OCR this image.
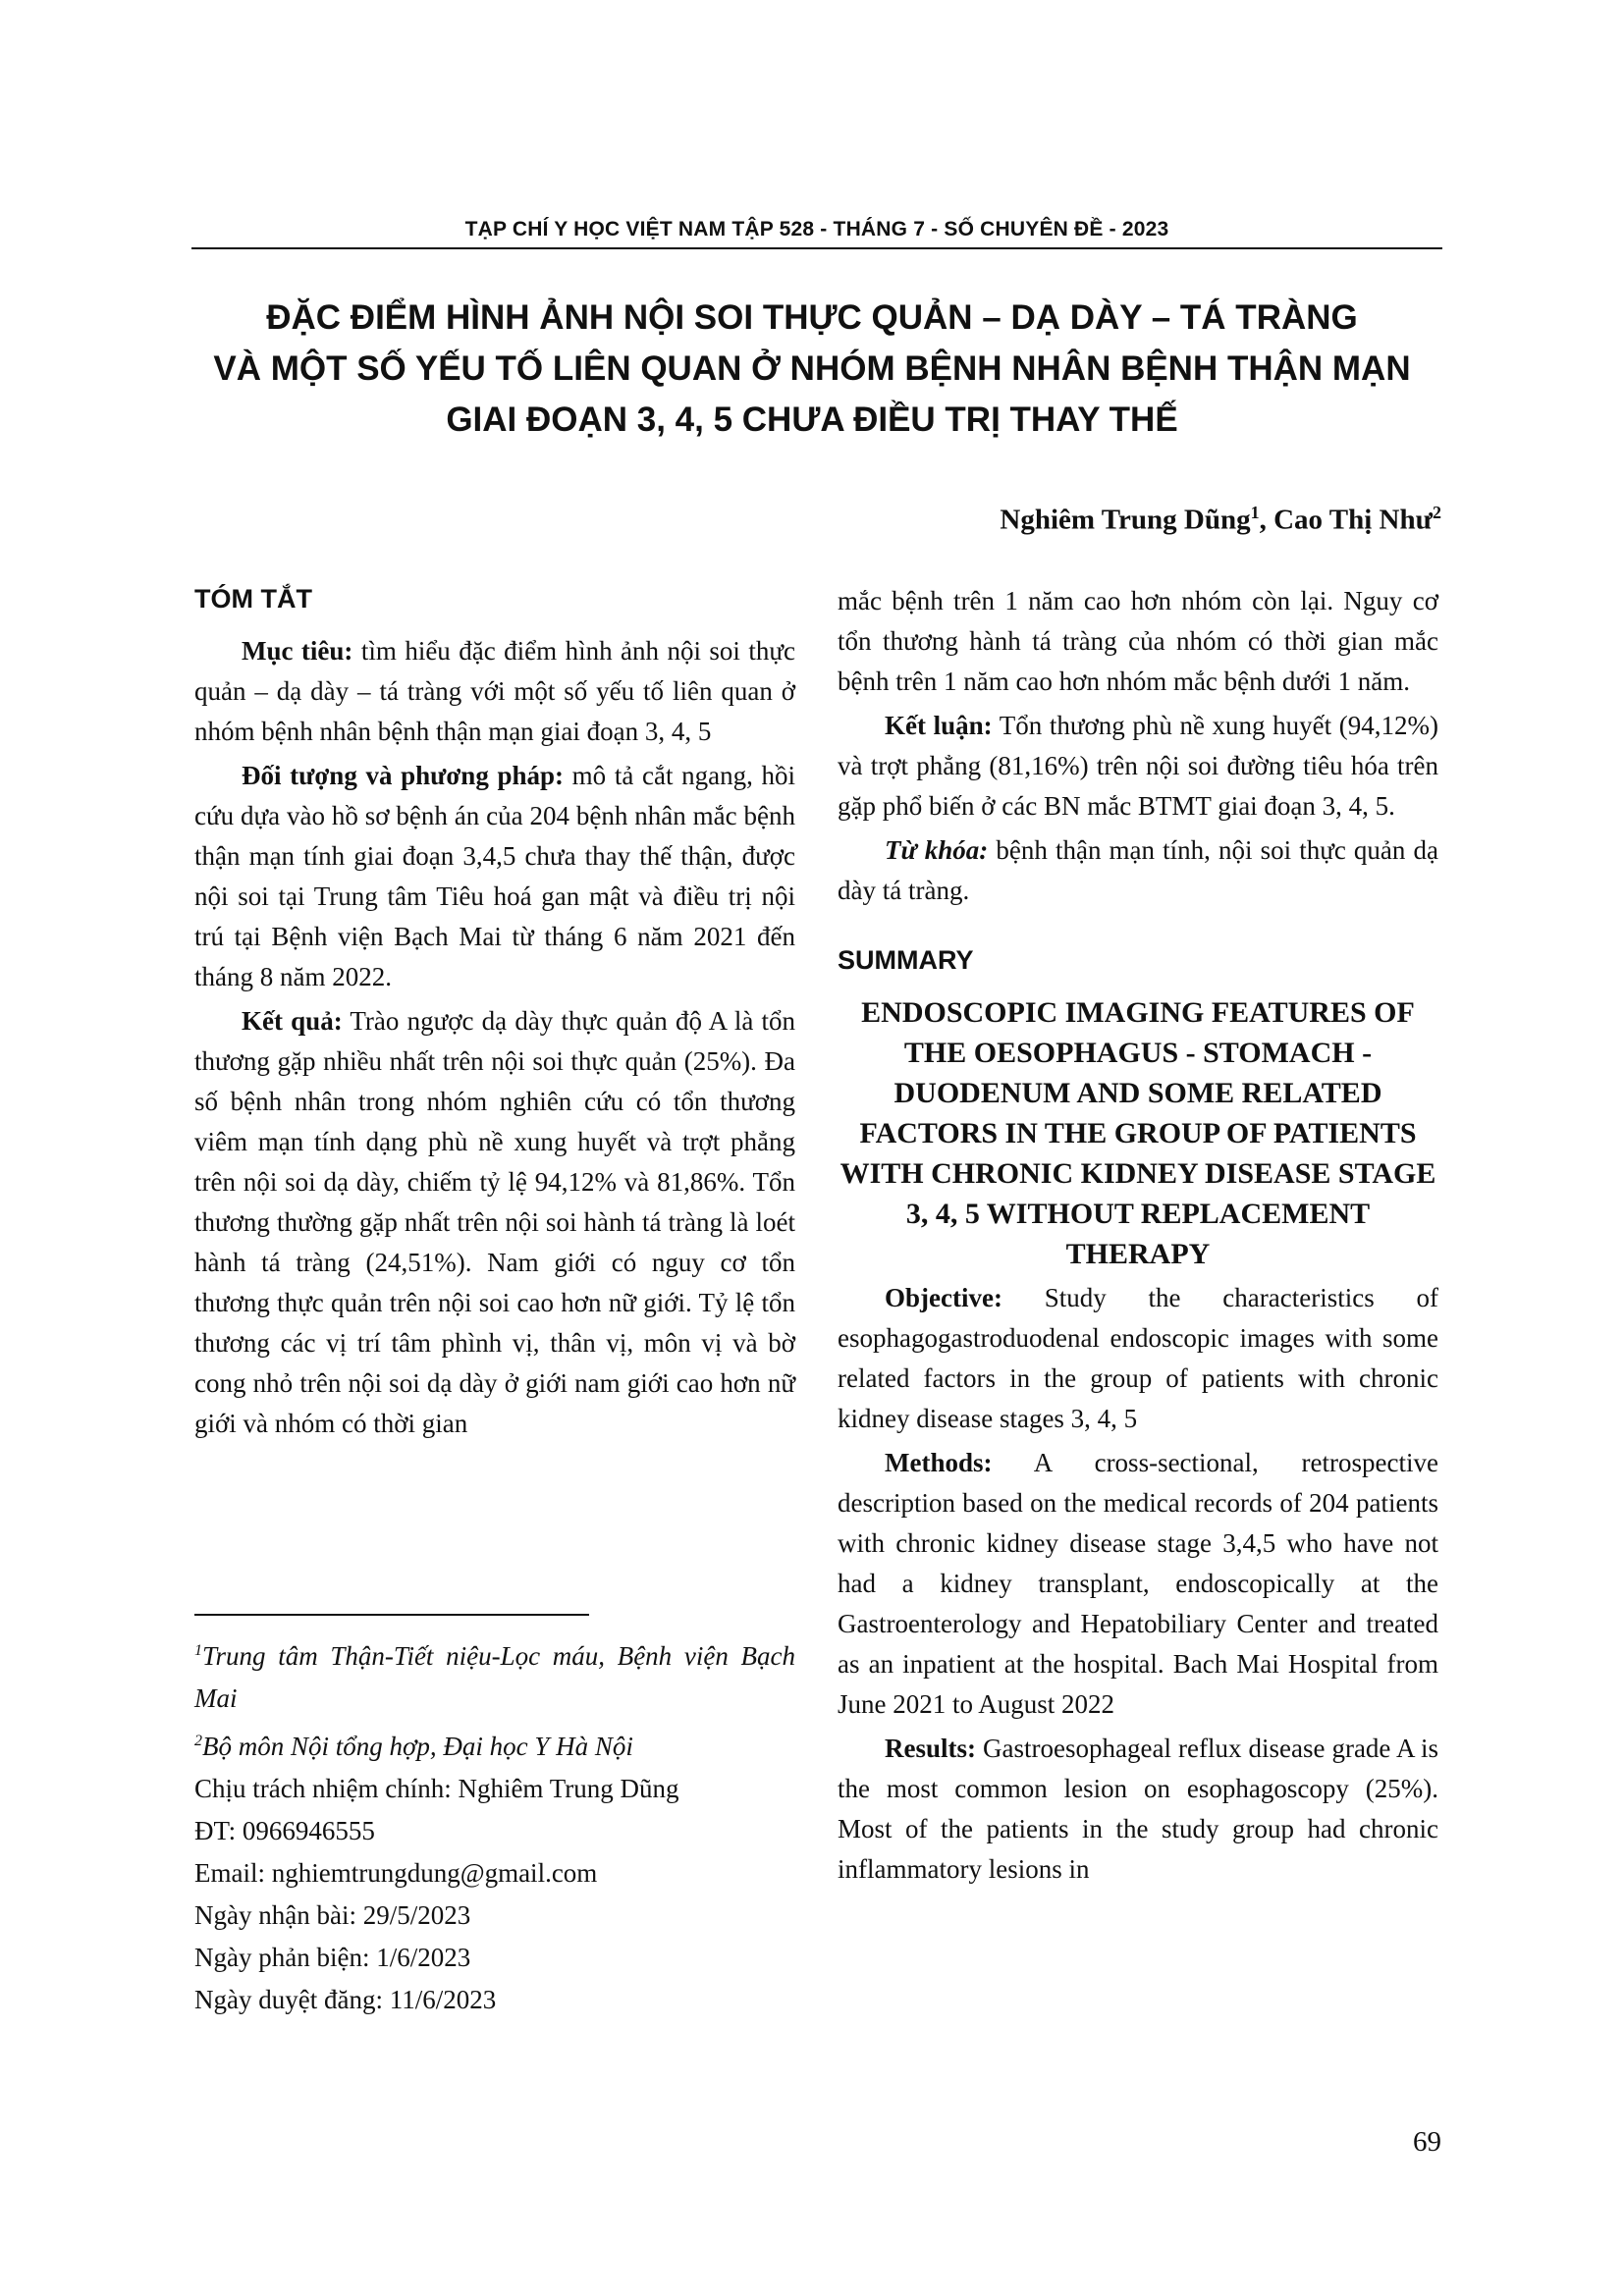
TẠP CHÍ Y HỌC VIỆT NAM TẬP 528 - THÁNG 7 - SỐ CHUYÊN ĐỀ - 2023
ĐẶC ĐIỂM HÌNH ẢNH NỘI SOI THỰC QUẢN – DẠ DÀY – TÁ TRÀNG
VÀ MỘT SỐ YẾU TỐ LIÊN QUAN Ở NHÓM BỆNH NHÂN BỆNH THẬN MẠN
GIAI ĐOẠN 3, 4, 5 CHƯA ĐIỀU TRỊ THAY THẾ
Nghiêm Trung Dũng$^1$, Cao Thị Như$^2$
TÓM TẮT

Mục tiêu: tìm hiểu đặc điểm hình ảnh nội soi thực quản – dạ dày – tá tràng với một số yếu tố liên quan ở nhóm bệnh nhân bệnh thận mạn giai đoạn 3, 4, 5

Đối tượng và phương pháp: mô tả cắt ngang, hồi cứu dựa vào hồ sơ bệnh án của 204 bệnh nhân mắc bệnh thận mạn tính giai đoạn 3,4,5 chưa thay thế thận, được nội soi tại Trung tâm Tiêu hoá gan mật và điều trị nội trú tại Bệnh viện Bạch Mai từ tháng 6 năm 2021 đến tháng 8 năm 2022.

Kết quả: Trào ngược dạ dày thực quản độ A là tổn thương gặp nhiều nhất trên nội soi thực quản (25%). Đa số bệnh nhân trong nhóm nghiên cứu có tổn thương viêm mạn tính dạng phù nề xung huyết và trợt phẳng trên nội soi dạ dày, chiếm tỷ lệ 94,12% và 81,86%. Tổn thương thường gặp nhất trên nội soi hành tá tràng là loét hành tá tràng (24,51%). Nam giới có nguy cơ tổn thương thực quản trên nội soi cao hơn nữ giới. Tỷ lệ tổn thương các vị trí tâm phình vị, thân vị, môn vị và bờ cong nhỏ trên nội soi dạ dày ở giới nam giới cao hơn nữ giới và nhóm có thời gian

$^1$Trung tâm Thận-Tiết niệu-Lọc máu, Bệnh viện Bạch Mai
$^2$Bộ môn Nội tổng hợp, Đại học Y Hà Nội
Chịu trách nhiệm chính: Nghiêm Trung Dũng
ĐT: 0966946555
Email: nghiemtrungdung@gmail.com
Ngày nhận bài: 29/5/2023
Ngày phản biện: 1/6/2023
Ngày duyệt đăng: 11/6/2023

mắc bệnh trên 1 năm cao hơn nhóm còn lại. Nguy cơ tổn thương hành tá tràng của nhóm có thời gian mắc bệnh trên 1 năm cao hơn nhóm mắc bệnh dưới 1 năm.

Kết luận: Tổn thương phù nề xung huyết (94,12%) và trợt phẳng (81,16%) trên nội soi đường tiêu hóa trên gặp phổ biến ở các BN mắc BTMT giai đoạn 3, 4, 5.

Từ khóa: bệnh thận mạn tính, nội soi thực quản dạ dày tá tràng.

SUMMARY
ENDOSCOPIC IMAGING FEATURES OF THE OESOPHAGUS - STOMACH - DUODENUM AND SOME RELATED FACTORS IN THE GROUP OF PATIENTS WITH CHRONIC KIDNEY DISEASE STAGE 3, 4, 5 WITHOUT REPLACEMENT THERAPY

Objective: Study the characteristics of esophagogastroduodenal endoscopic images with some related factors in the group of patients with chronic kidney disease stages 3, 4, 5

Methods: A cross-sectional, retrospective description based on the medical records of 204 patients with chronic kidney disease stage 3,4,5 who have not had a kidney transplant, endoscopically at the Gastroenterology and Hepatobiliary Center and treated as an inpatient at the hospital. Bach Mai Hospital from June 2021 to August 2022

Results: Gastroesophageal reflux disease grade A is the most common lesion on esophagoscopy (25%). Most of the patients in the study group had chronic inflammatory lesions in

69
